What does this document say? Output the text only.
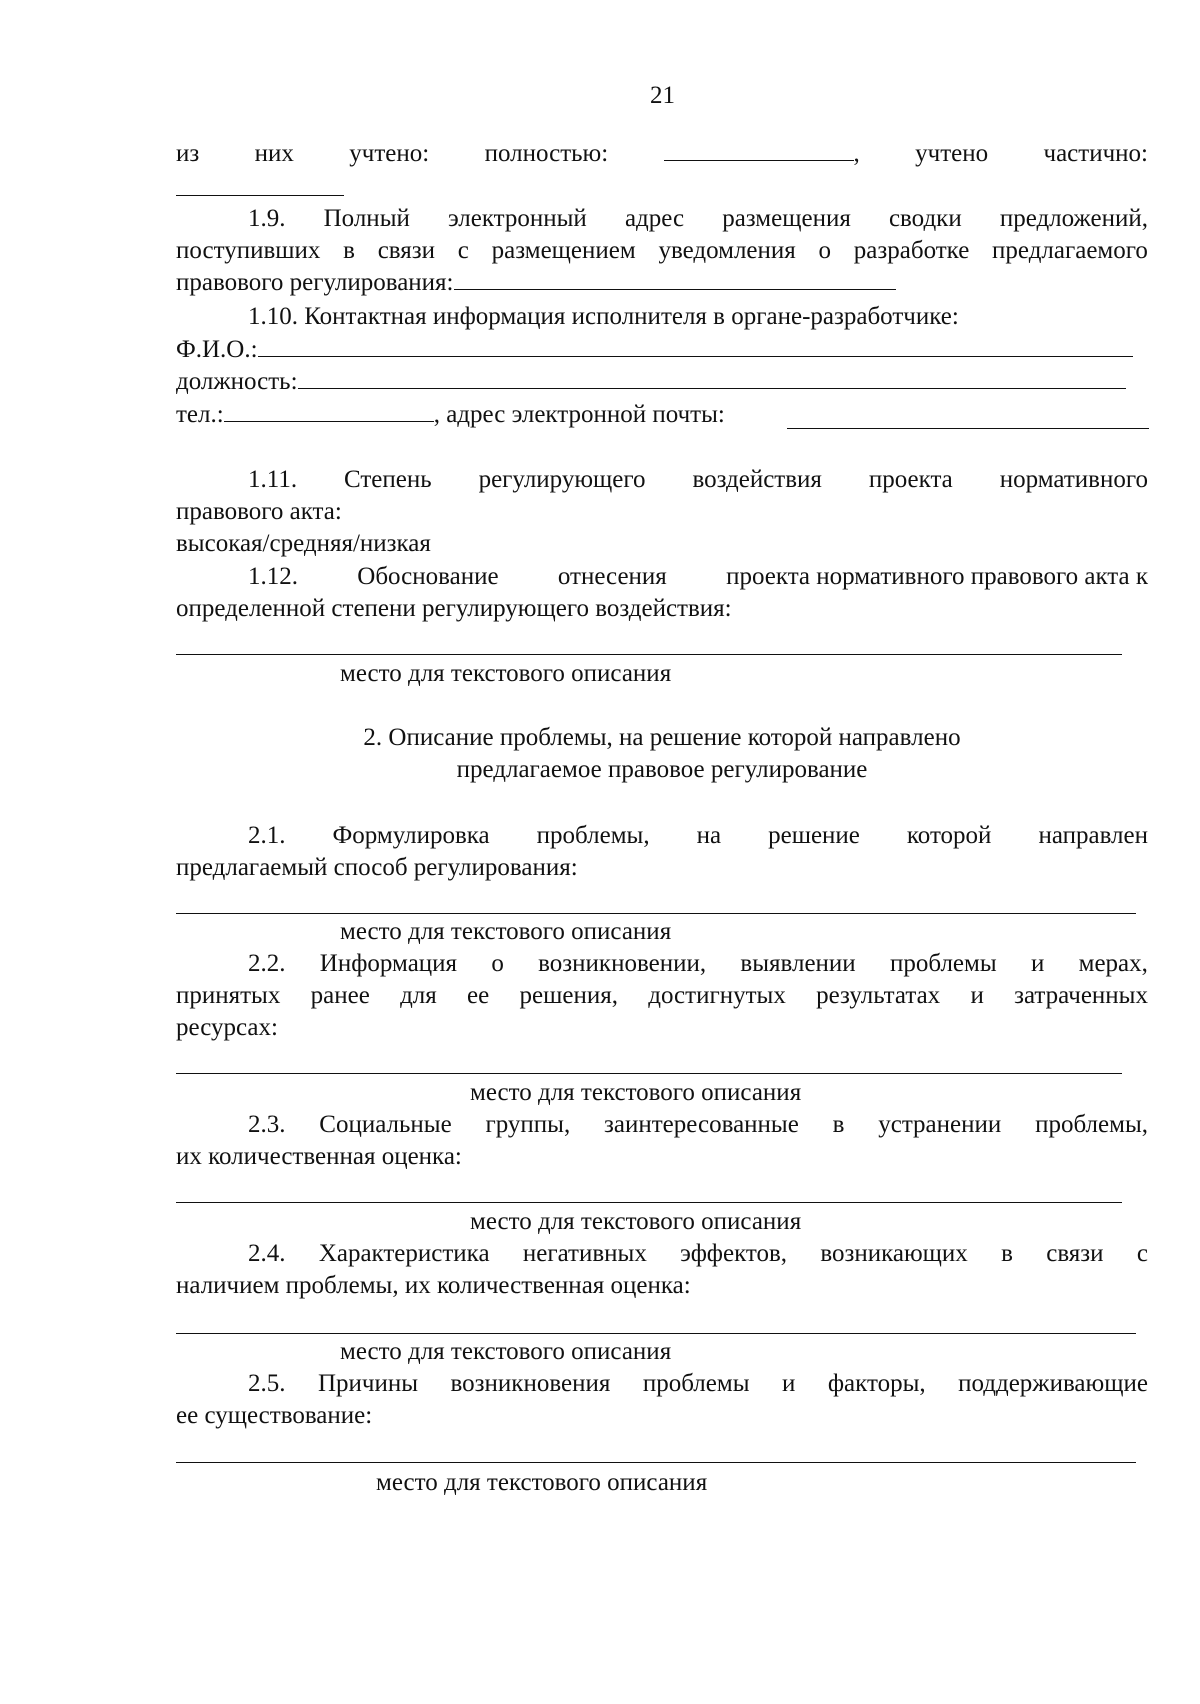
21
из них учтено: полностью:	, учтено частично:
1.9. Полный электронный адрес размещения сводки предложений,
поступивших в связи с размещением уведомления о разработке предлагаемого
правового регулирования:
1.10. Контактная информация исполнителя в органе-разработчике:
Ф.И.О.:
должность:
тел.:	, адрес электронной почты:
1.11. Степень регулирующего воздействия проекта нормативного
правового акта:
высокая/средняя/низкая
1.12. Обоснование отнесения проекта нормативного правового акта к
определенной степени регулирующего воздействия:
место для текстового описания
2. Описание проблемы, на решение которой направлено
предлагаемое правовое регулирование
2.1. Формулировка проблемы, на решение которой направлен
предлагаемый способ регулирования:
место для текстового описания
2.2. Информация о возникновении, выявлении проблемы и мерах,
принятых ранее для ее решения, достигнутых результатах и затраченных
ресурсах:
место для текстового описания
2.3. Социальные группы, заинтересованные в устранении проблемы,
их количественная оценка:
место для текстового описания
2.4. Характеристика негативных эффектов, возникающих в связи с
наличием проблемы, их количественная оценка:
место для текстового описания
2.5. Причины возникновения проблемы и факторы, поддерживающие
ее существование:
место для текстового описания
